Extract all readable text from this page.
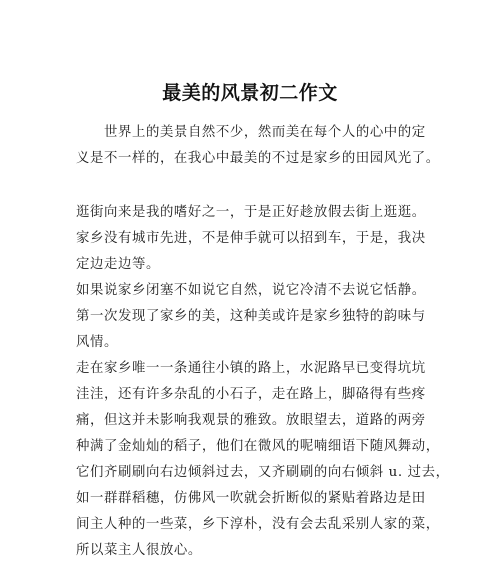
最美的风景初二作文
世界上的美景自然不少，然而美在每个人的心中的定
义是不一样的，在我心中最美的不过是家乡的田园风光了。
逛街向来是我的嗜好之一，于是正好趁放假去街上逛逛。
家乡没有城市先进，不是伸手就可以招到车，于是，我决
定边走边等。
如果说家乡闭塞不如说它自然，说它冷清不去说它恬静。
第一次发现了家乡的美，这种美或许是家乡独特的韵味与
风情。
走在家乡唯一一条通往小镇的路上，水泥路早已变得坑坑
洼洼，还有许多杂乱的小石子，走在路上，脚硌得有些疼
痛，但这并未影响我观景的雅致。放眼望去，道路的两旁
种满了金灿灿的稻子，他们在微风的呢喃细语下随风舞动，
它们齐刷刷向右边倾斜过去，又齐刷刷的向右倾斜 u. 过去，
如一群群稻穗，仿佛风一吹就会折断似的紧贴着路边是田
间主人种的一些菜，乡下淳朴，没有会去乱采别人家的菜，
所以菜主人很放心。
